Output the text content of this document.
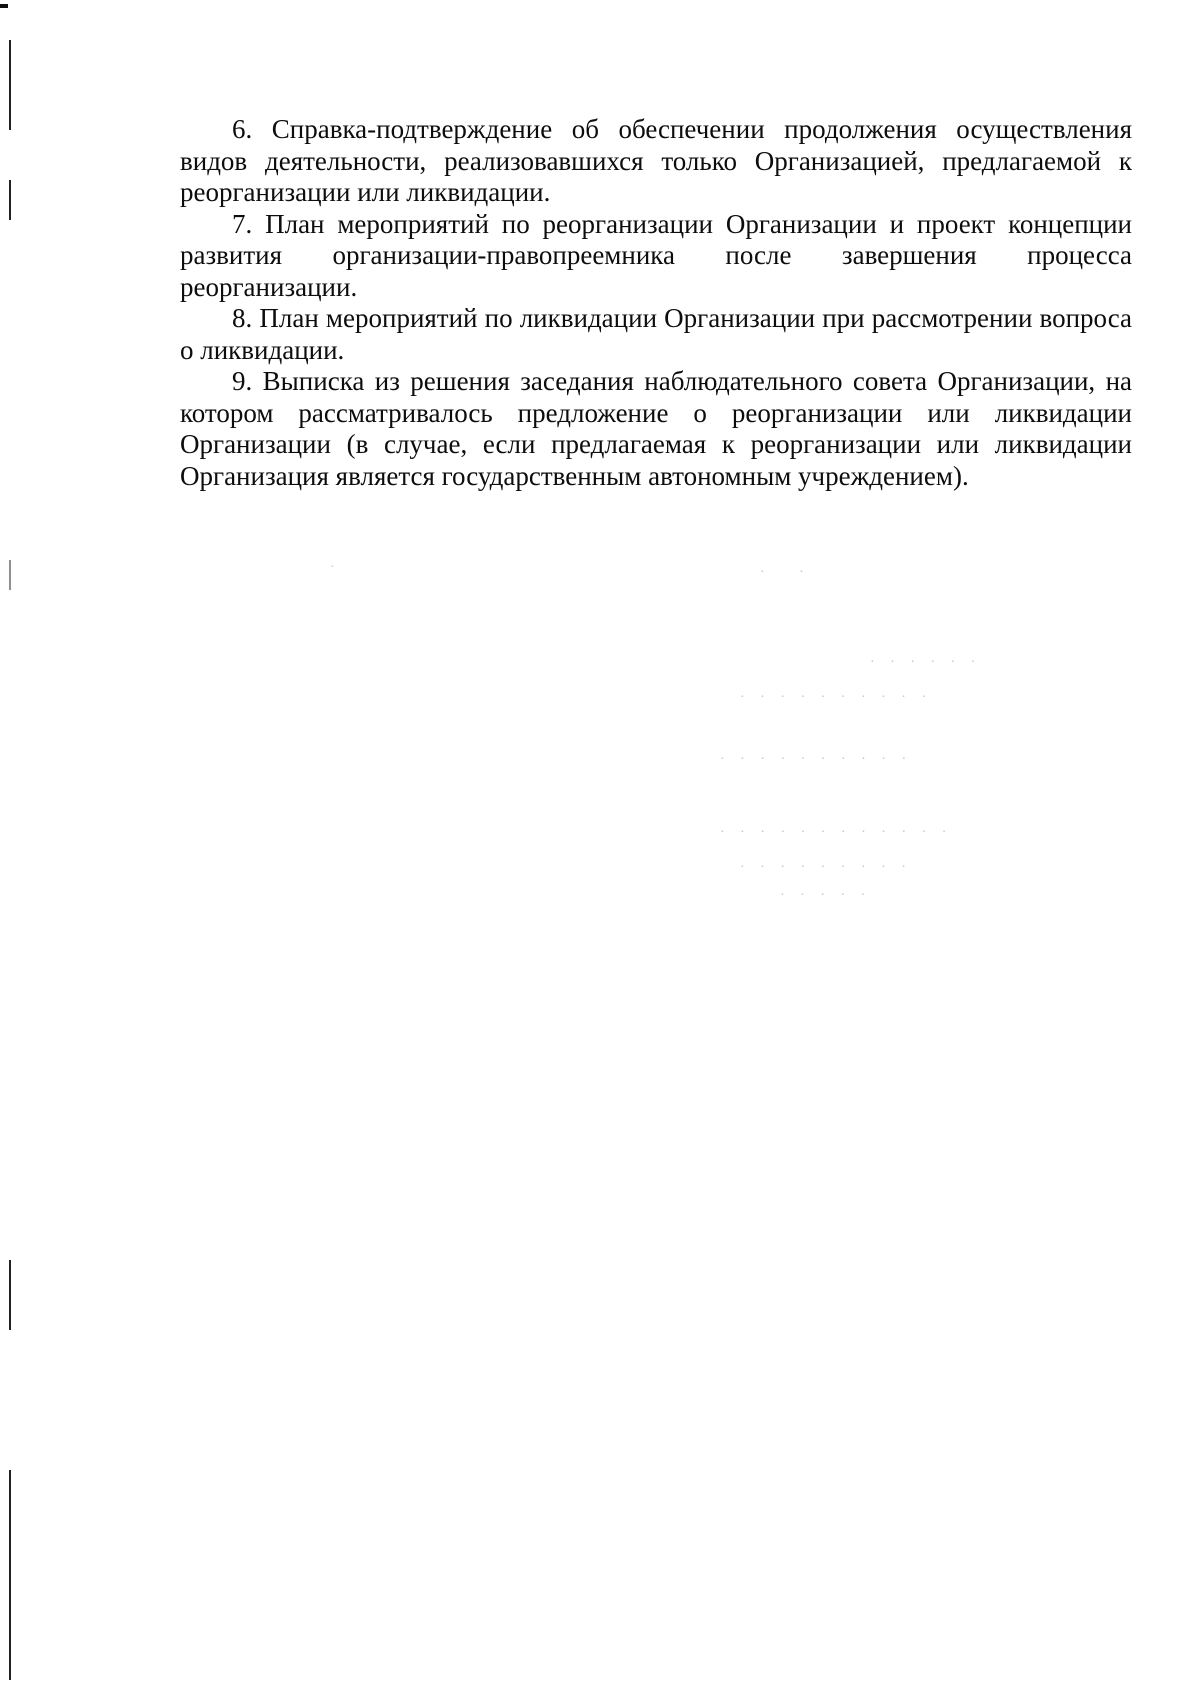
6. Справка-подтверждение об обеспечении продолжения осуществления видов деятельности, реализовавшихся только Организацией, предлагаемой к реорганизации или ликвидации.

7. План мероприятий по реорганизации Организации и проект концепции развития организации-правопреемника после завершения процесса реорганизации.

8. План мероприятий по ликвидации Организации при рассмотрении вопроса о ликвидации.

9. Выписка из решения заседания наблюдательного совета Организации, на котором рассматривалось предложение о реорганизации или ликвидации Организации (в случае, если предлагаемая к реорганизации или ликвидации Организация является государственным автономным учреждением).

·	·   ·
· · · · · ·
· · · · · · · · · ·
· · · · · · · · · ·
· · · · · · · · · · · ·
· · · · · · · · ·
· · · · ·
